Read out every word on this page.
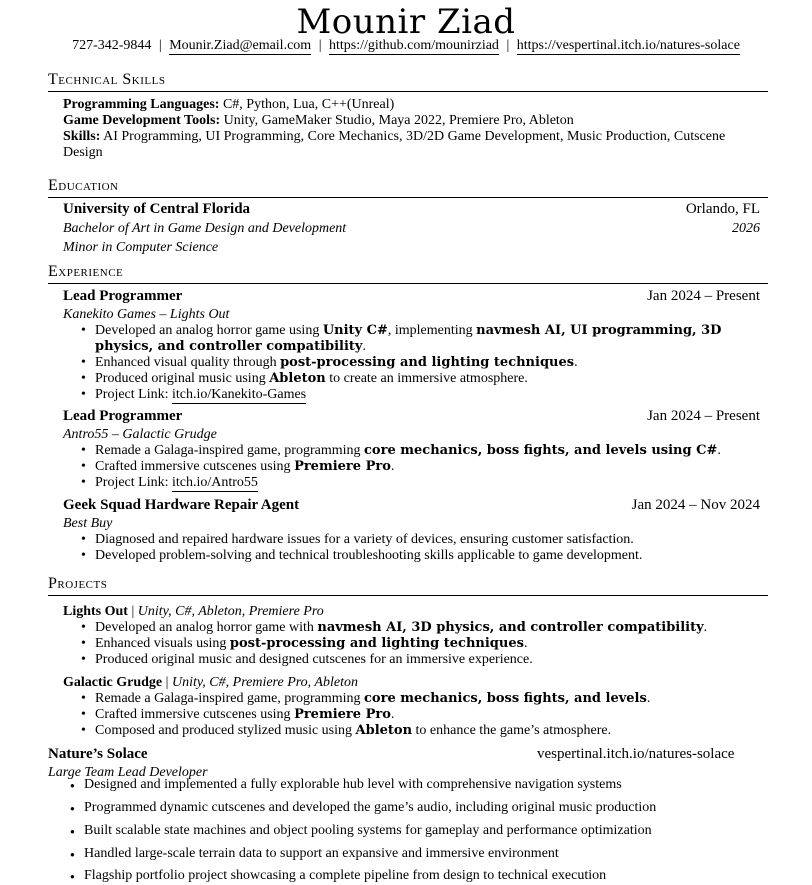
Mounir Ziad
727-342-9844 | Mounir.Ziad@email.com | https://github.com/mounirziad | https://vespertinal.itch.io/natures-solace
Technical Skills
Programming Languages: C#, Python, Lua, C++(Unreal)
Game Development Tools: Unity, GameMaker Studio, Maya 2022, Premiere Pro, Ableton
Skills: AI Programming, UI Programming, Core Mechanics, 3D/2D Game Development, Music Production, Cutscene
Design
Education
University of Central Florida	Orlando, FL
Bachelor of Art in Game Design and Development	2026
Minor in Computer Science
Experience
Lead Programmer	Jan 2024 – Present
Kanekito Games – Lights Out
• Developed an analog horror game using Unity C#, implementing navmesh AI, UI programming, 3D
physics, and controller compatibility.
• Enhanced visual quality through post-processing and lighting techniques.
• Produced original music using Ableton to create an immersive atmosphere.
• Project Link: itch.io/Kanekito-Games
Lead Programmer	Jan 2024 – Present
Antro55 – Galactic Grudge
• Remade a Galaga-inspired game, programming core mechanics, boss fights, and levels using C#.
• Crafted immersive cutscenes using Premiere Pro.
• Project Link: itch.io/Antro55
Geek Squad Hardware Repair Agent	Jan 2024 – Nov 2024
Best Buy
• Diagnosed and repaired hardware issues for a variety of devices, ensuring customer satisfaction.
• Developed problem-solving and technical troubleshooting skills applicable to game development.
Projects
Lights Out | Unity, C#, Ableton, Premiere Pro
• Developed an analog horror game with navmesh AI, 3D physics, and controller compatibility.
• Enhanced visuals using post-processing and lighting techniques.
• Produced original music and designed cutscenes for an immersive experience.
Galactic Grudge | Unity, C#, Premiere Pro, Ableton
• Remade a Galaga-inspired game, programming core mechanics, boss fights, and levels.
• Crafted immersive cutscenes using Premiere Pro.
• Composed and produced stylized music using Ableton to enhance the game’s atmosphere.
Nature’s Solace	vespertinal.itch.io/natures-solace
Large Team Lead Developer
● Designed and implemented a fully explorable hub level with comprehensive navigation systems
● Programmed dynamic cutscenes and developed the game’s audio, including original music production
● Built scalable state machines and object pooling systems for gameplay and performance optimization
● Handled large-scale terrain data to support an expansive and immersive environment
● Flagship portfolio project showcasing a complete pipeline from design to technical execution
